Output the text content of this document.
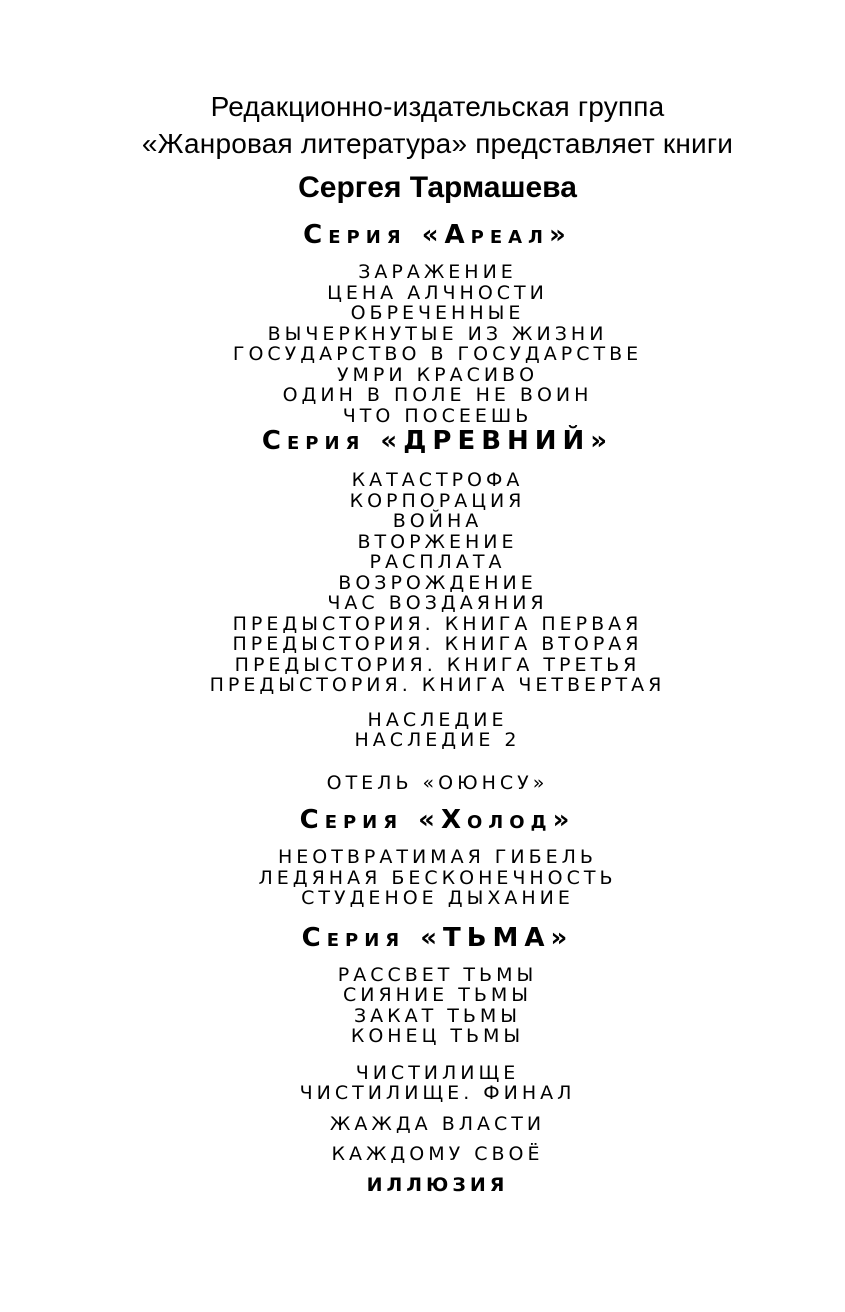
Редакционно-издательская группа
«Жанровая литература» представляет книги
Сергея Тармашева
Серия «Ареал»
ЗАРАЖЕНИЕ
ЦЕНА АЛЧНОСТИ
ОБРЕЧЕННЫЕ
ВЫЧЕРКНУТЫЕ ИЗ ЖИЗНИ
ГОСУДАРСТВО В ГОСУДАРСТВЕ
УМРИ КРАСИВО
ОДИН В ПОЛЕ НЕ ВОИН
ЧТО ПОСЕЕШЬ
Серия «ДРЕВНИЙ»
КАТАСТРОФА
КОРПОРАЦИЯ
ВОЙНА
ВТОРЖЕНИЕ
РАСПЛАТА
ВОЗРОЖДЕНИЕ
ЧАС ВОЗДАЯНИЯ
ПРЕДЫСТОРИЯ. КНИГА ПЕРВАЯ
ПРЕДЫСТОРИЯ. КНИГА ВТОРАЯ
ПРЕДЫСТОРИЯ. КНИГА ТРЕТЬЯ
ПРЕДЫСТОРИЯ. КНИГА ЧЕТВЕРТАЯ
НАСЛЕДИЕ
НАСЛЕДИЕ 2
ОТЕЛЬ «ОЮНСУ»
Серия «Холод»
НЕОТВРАТИМАЯ ГИБЕЛЬ
ЛЕДЯНАЯ БЕСКОНЕЧНОСТЬ
СТУДЕНОЕ ДЫХАНИЕ
Серия «ТЬМА»
РАССВЕТ ТЬМЫ
СИЯНИЕ ТЬМЫ
ЗАКАТ ТЬМЫ
КОНЕЦ ТЬМЫ
ЧИСТИЛИЩЕ
ЧИСТИЛИЩЕ. ФИНАЛ
ЖАЖДА ВЛАСТИ
КАЖДОМУ СВОЁ
ИЛЛЮЗИЯ
